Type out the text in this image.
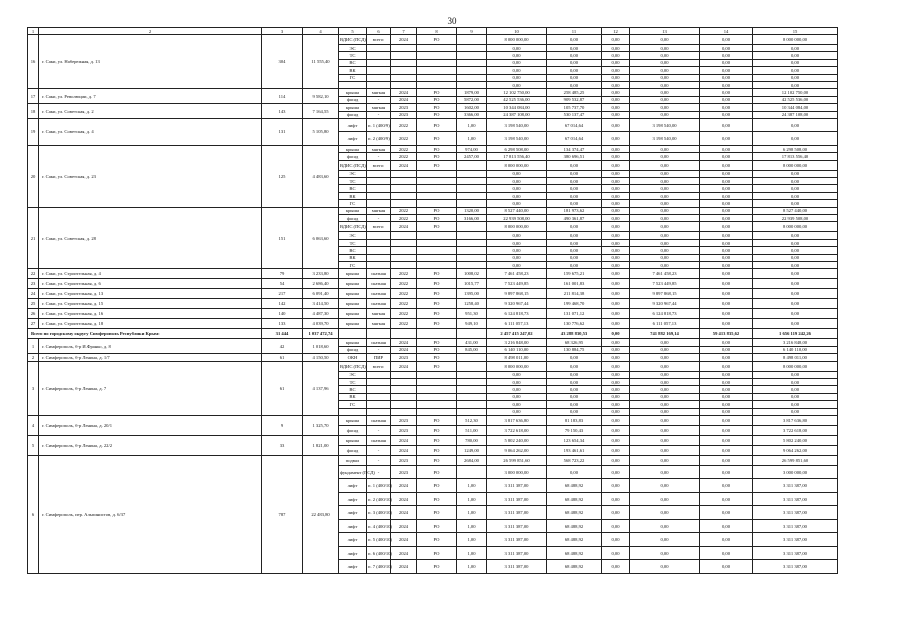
30
1	2	3	4	5	6	7	8	9	10	11	12	13	14	15
16	г. Саки, ул. Набережная, д. 13	304	11 555,40	ВДИС (ПСД)	всего:	2024	РО		8 000 000,00	0,00	0,00	0,00	0,00	8 000 000,00
				ЭС					0,00	0,00	0,00	0,00	0,00	0,00
				ТС					0,00	0,00	0,00	0,00	0,00	0,00
				ВС					0,00	0,00	0,00	0,00	0,00	0,00
				ВК					0,00	0,00	0,00	0,00	0,00	0,00
				ГС					0,00	0,00	0,00	0,00	0,00	0,00
									0,00	0,00	0,00	0,00	0,00	0,00
17	г. Саки, ул. Революции, д. 7	114	9 582,10	крыша	мягкая	2024	РО	1879,00	12 102 750,00	258 485,25	0,00	0,00	0,00	12 102 750,00
				фасад	-	2024	РО	5872,00	42 525 536,00	909 532,87	0,00	0,00	0,00	42 525 536,00
18	г. Саки, ул. Советская, д. 2	143	7 164,55	крыша	мягкая	2023	РО	1602,00	10 344 084,00	105 737,70	0,00	0,00	0,00	10 344 084,00
				фасад	-	2023	РО	3366,00	24 387 108,00	530 137,47	0,00	0,00	0,00	24 387 108,00
19	г. Саки, ул. Советская, д. 4	131	5 105,80	лифт	п. 1 (400/9)	2022	РО	1,00	3 198 540,00	67 014,64	0,00	3 198 540,00	0,00	0,00
				лифт	п. 2 (400/9)	2022	РО	1,00	3 198 540,00	67 014,64	0,00	3 198 540,00	0,00	0,00
20	г. Саки, ул. Советская, д. 23	125	4 483,60	крыша	мягкая	2022	РО	974,00	6 298 508,00	134 374,47	0,00	0,00	0,00	6 298 508,00
				фасад	-	2022	РО	2457,00	17 813 556,40	380 696,51	0,00	0,00	0,00	17 813 556,40
				ВДИС (ПСД)	всего:	2024	РО		8 000 000,00	0,00	0,00	0,00	0,00	8 000 000,00
				ЭС					0,00	0,00	0,00	0,00	0,00	0,00
				ТС					0,00	0,00	0,00	0,00	0,00	0,00
				ВС					0,00	0,00	0,00	0,00	0,00	0,00
				ВК					0,00	0,00	0,00	0,00	0,00	0,00
				ГС					0,00	0,00	0,00	0,00	0,00	0,00
21	г. Саки, ул. Советская, д. 28	151	6 063,60	крыша	мягкая	2022	РО	1320,00	8 527 440,00	181 973,62	0,00	0,00	0,00	8 527 440,00
				фасад	-	2022	РО	3166,00	22 939 508,00	490 361,87	0,00	0,00	0,00	22 939 508,00
				ВДИС (ПСД)	всего:	2024	РО		8 000 000,00	0,00	0,00	0,00	0,00	8 000 000,00
				ЭС					0,00	0,00	0,00	0,00	0,00	0,00
				ТС					0,00	0,00	0,00	0,00	0,00	0,00
				ВС					0,00	0,00	0,00	0,00	0,00	0,00
				ВК					0,00	0,00	0,00	0,00	0,00	0,00
				ГС					0,00	0,00	0,00	0,00	0,00	0,00
22	г. Саки, ул. Строительная, д. 4	79	3 233,80	крыша	скатная	2022	РО	1008,02	7 461 458,23	159 675,21	0,00	7 461 458,23	0,00	0,00
23	г. Саки, ул. Строительная, д. 6	54	2 686,40	крыша	скатная	2022	РО	1015,77	7 523 449,85	161 001,83	0,00	7 523 449,85	0,00	0,00
24	г. Саки, ул. Строительная, д. 13	217	6 091,40	крыша	скатная	2022	РО	1395,00	9 897 868,15	211 814,38	0,00	9 897 868,15	0,00	0,00
25	г. Саки, ул. Строительная, д. 15	142	3 414,50	крыша	скатная	2022	РО	1258,40	9 320 967,44	199 468,70	0,00	9 320 967,44	0,00	0,00
26	г. Саки, ул. Строительная, д. 16	140	4 487,30	крыша	мягкая	2022	РО	951,30	6 124 818,73	131 071,12	0,00	6 124 818,73	0,00	0,00
27	г. Саки, ул. Строительная, д. 18	133	4 039,70	крыша	мягкая	2022	РО	949,10	6 111 057,13	130 776,62	0,00	6 111 057,13	0,00	0,00
Всего по городскому округу Симферополь Республики Крым:		31 444	1 037 472,74						2 457 415 247,02	43 288 830,53	0,00	741 882 169,14	59 413 835,62	1 656 119 242,26
1	г. Симферополь, б-р И.Франко, д. 8	42	1 018,60	крыша	скатная	2024	РО	431,00	3 216 848,00	68 326,95	0,00	0,00	0,00	3 216 848,00
				фасад	-	2024	РО	845,00	6 140 110,00	130 884,75	0,00	0,00	0,00	6 140 110,00
2	г. Симферополь, б-р Ленина, д. 1/7	61	4 150,50	ОКН	ПИР	2023	РО		8 498 011,00	0,00	0,00	0,00	0,00	8 498 011,00
3	г. Симферополь, б-р Ленина, д. 7	61	4 137,96	ВДИС (ПСД)	всего:	2024	РО		8 000 000,00	0,00	0,00	0,00	0,00	8 000 000,00
				ЭС					0,00	0,00	0,00	0,00	0,00	0,00
				ТС					0,00	0,00	0,00	0,00	0,00	0,00
				ВС					0,00	0,00	0,00	0,00	0,00	0,00
				ВК					0,00	0,00	0,00	0,00	0,00	0,00
				ГС					0,00	0,00	0,00	0,00	0,00	0,00
									0,00	0,00	0,00	0,00	0,00	0,00
4	г. Симферополь, б-р Ленина, д. 20/1	9	1 325,70	крыша	скатная	2023	РО	512,30	3 817 636,80	81 183,83	0,00	0,00	0,00	3 817 636,80
				фасад	-	2023	РО	511,00	3 722 618,00	79 150,43	0,00	0,00	0,00	3 722 618,00
5	г. Симферополь, б-р Ленина, д. 22/2	33	1 821,00	крыша	скатная	2024	РО	780,00	5 802 240,00	123 654,34	0,00	0,00	0,00	5 802 240,00
				фасад	-	2024	РО	1249,00	9 064 262,00	193 461,61	0,00	0,00	0,00	9 064 262,00
6	г. Симферополь, пер. Альпинистов, д. 6/37	787	22 483,80	подвал	-	2023	РО	2684,00	26 599 851,60	568 723,22	0,00	0,00	0,00	26 599 851,60
				фундамент (ПСД)	-	2023	РО		3 000 000,00	0,00	0,00	0,00	0,00	3 000 000,00
				лифт	п. 1 (400/10)	2024	РО	1,00	3 311 387,00	68 488,92	0,00	0,00	0,00	3 311 387,00
				лифт	п. 2 (400/10)	2024	РО	1,00	3 311 387,00	68 488,92	0,00	0,00	0,00	3 311 387,00
				лифт	п. 3 (400/10)	2024	РО	1,00	3 311 387,00	68 488,92	0,00	0,00	0,00	3 311 387,00
				лифт	п. 4 (400/10)	2024	РО	1,00	3 311 387,00	68 488,92	0,00	0,00	0,00	3 311 387,00
				лифт	п. 5 (400/10)	2024	РО	1,00	3 311 387,00	68 488,92	0,00	0,00	0,00	3 311 387,00
				лифт	п. 6 (400/10)	2024	РО	1,00	3 311 387,00	68 488,92	0,00	0,00	0,00	3 311 387,00
				лифт	п. 7 (400/10)	2024	РО	1,00	3 311 387,00	68 488,92	0,00	0,00	0,00	3 311 387,00
